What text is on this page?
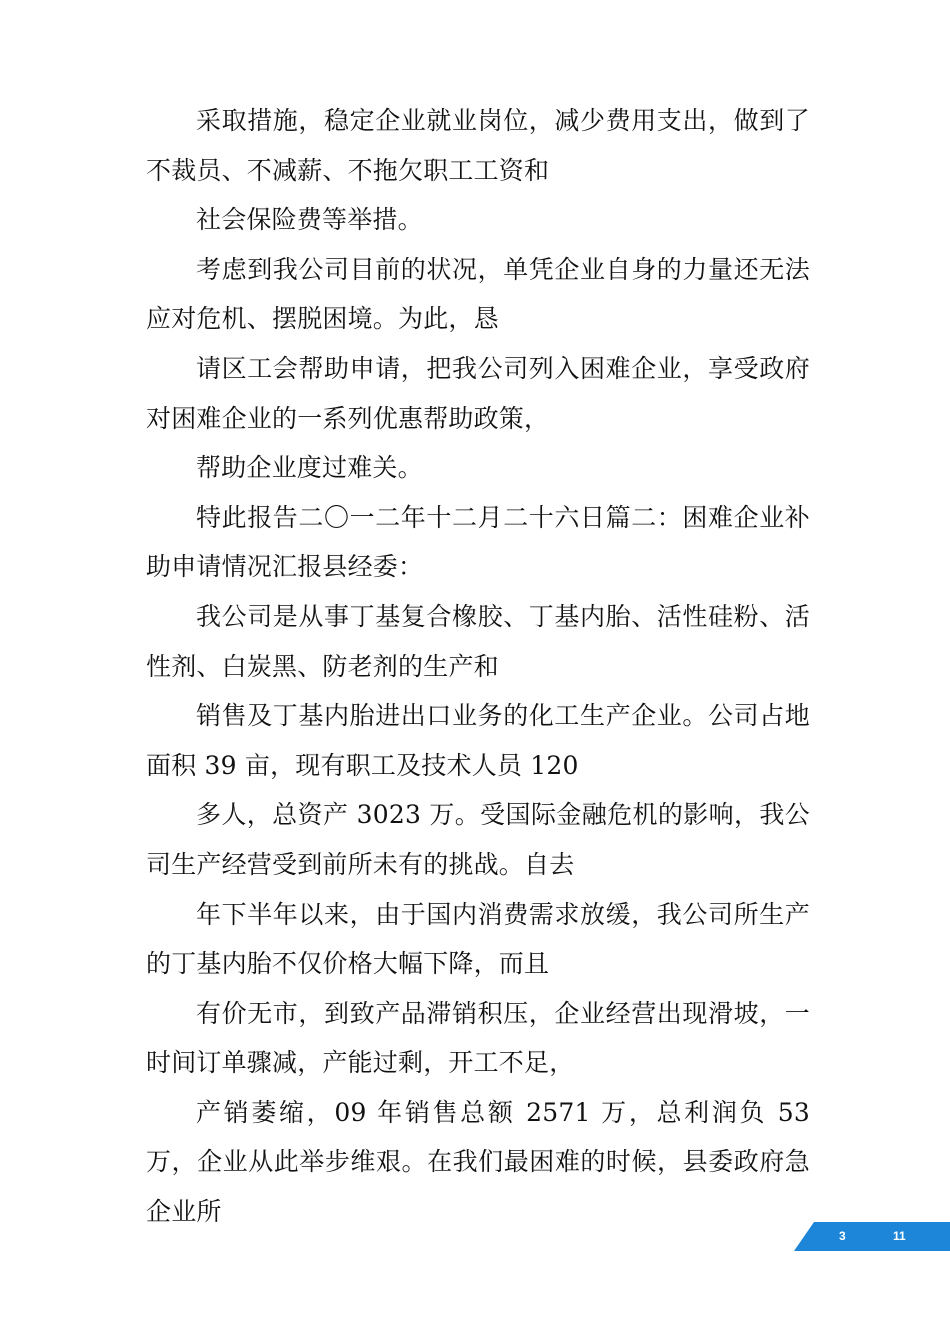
采取措施，稳定企业就业岗位，减少费用支出，做到了不裁员、不减薪、不拖欠职工工资和

社会保险费等举措。

考虑到我公司目前的状况，单凭企业自身的力量还无法应对危机、摆脱困境。为此，恳

请区工会帮助申请，把我公司列入困难企业，享受政府对困难企业的一系列优惠帮助政策，

帮助企业度过难关。

特此报告二〇一二年十二月二十六日篇二：困难企业补助申请情况汇报县经委：

我公司是从事丁基复合橡胶、丁基内胎、活性硅粉、活性剂、白炭黑、防老剂的生产和

销售及丁基内胎进出口业务的化工生产企业。公司占地面积 39 亩，现有职工及技术人员 120

多人，总资产 3023 万。受国际金融危机的影响，我公司生产经营受到前所未有的挑战。自去

年下半年以来，由于国内消费需求放缓，我公司所生产的丁基内胎不仅价格大幅下降，而且

有价无市，到致产品滞销积压，企业经营出现滑坡，一时间订单骤减，产能过剩，开工不足，

产销萎缩，09 年销售总额 2571 万，总利润负 53 万，企业从此举步维艰。在我们最困难的时候，县委政府急企业所

3	11
